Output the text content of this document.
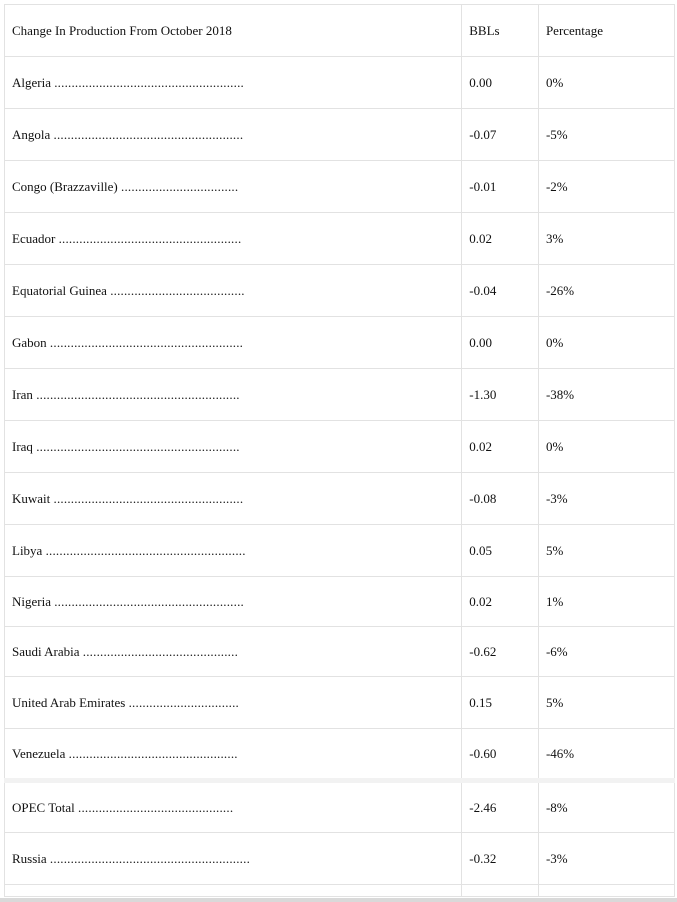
Change In Production From October 2018	BBLs	Percentage
Algeria .......................................................	0.00	0%
Angola .......................................................	-0.07	-5%
Congo (Brazzaville) ..................................	-0.01	-2%
Ecuador .....................................................	0.02	3%
Equatorial Guinea .......................................	-0.04	-26%
Gabon ........................................................	0.00	0%
Iran ...........................................................	-1.30	-38%
Iraq ...........................................................	0.02	0%
Kuwait .......................................................	-0.08	-3%
Libya ..........................................................	0.05	5%
Nigeria .......................................................	0.02	1%
Saudi Arabia .............................................	-0.62	-6%
United Arab Emirates ................................	0.15	5%
Venezuela .................................................	-0.60	-46%
OPEC Total .............................................	-2.46	-8%
Russia ..........................................................	-0.32	-3%
